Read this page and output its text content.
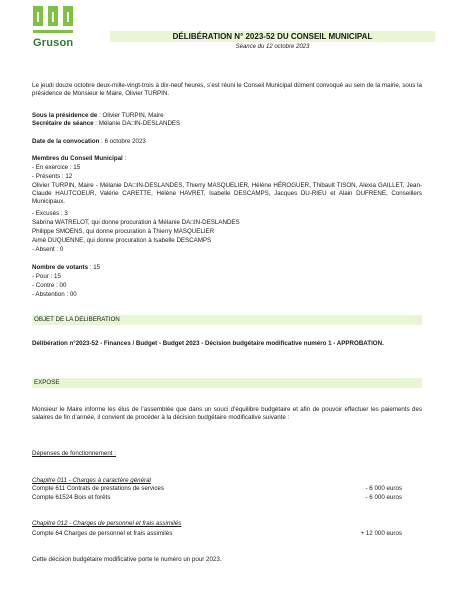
Gruson
DÉLIBÉRATION N° 2023-52 DU CONSEIL MUNICIPAL
Séance du 12 octobre 2023
Le jeudi douze octobre deux-mille-vingt-trois à dix-neuf heures, s’est réuni le Conseil Municipal dûment convoqué au sein de la mairie, sous la présidence de Monsieur le Maire, Olivier TURPIN.
Sous la présidence de : Olivier TURPIN, Maire
Secrétaire de séance : Mélanie DA□IN-DESLANDES
Date de la convocation : 6 octobre 2023
Membres du Conseil Municipal :
- En exercice : 15
- Présents : 12
Olivier TURPIN, Maire - Mélanie DA□IN-DESLANDES, Thierry MASQUELIER, Hélène HÉROGUER, Thibault TISON, Alexia GAILLET, Jean-Claude HAUTCOEUR, Valérie CARETTE, Hélène HAVRET, Isabelle DESCAMPS, Jacques DU-RIEU et Alain DUFRENE, Conseillers Municipaux.
- Excusés : 3
Sabrina WATRELOT, qui donne procuration à Mélanie DA□IN-DESLANDES
Philippe SMOENS, qui donne procuration à Thierry MASQUELIER
Aimé DUQUENNE, qui donne procuration à Isabelle DESCAMPS
- Absent : 0
Nombre de votants : 15
- Pour : 15
- Contre : 00
- Abstention : 00
OBJET DE LA DELIBERATION
Délibération n°2023-52 - Finances / Budget - Budget 2023 - Décision budgétaire modificative numéro 1 - APPROBATION.
EXPOSE
Monsieur le Maire informe les élus de l’assemblée que dans un souci d’équilibre budgétaire et afin de pouvoir effectuer les paiements des salaires de fin d’année, il convient de procéder à la décision budgétaire modificative suivante :
Dépenses de fonctionnement :
Chapitre 011 - Charges à caractère général
Compte 611 Contrats de prestations de services	- 6 000 euros
Compte 61524 Bois et forêts	- 6 000 euros
Chapitre 012 - Charges de personnel et frais assimilés
Compte 64 Charges de personnel et frais assimilés	+ 12 000 euros
Cette décision budgétaire modificative porte le numéro un pour 2023.
